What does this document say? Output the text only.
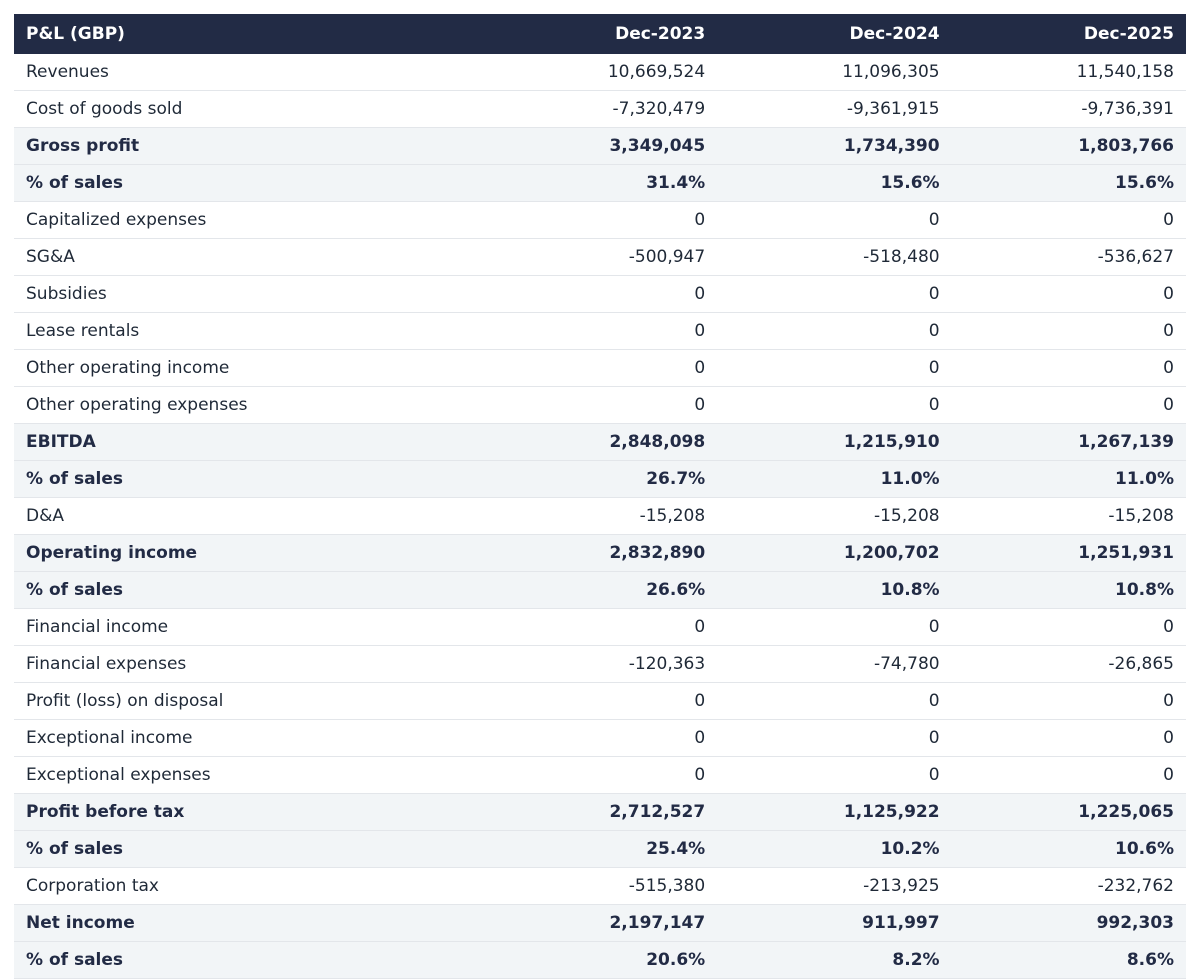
P&L (GBP)	Dec-2023	Dec-2024	Dec-2025
Revenues	10,669,524	11,096,305	11,540,158
Cost of goods sold	-7,320,479	-9,361,915	-9,736,391
Gross profit	3,349,045	1,734,390	1,803,766
% of sales	31.4%	15.6%	15.6%
Capitalized expenses	0	0	0
SG&A	-500,947	-518,480	-536,627
Subsidies	0	0	0
Lease rentals	0	0	0
Other operating income	0	0	0
Other operating expenses	0	0	0
EBITDA	2,848,098	1,215,910	1,267,139
% of sales	26.7%	11.0%	11.0%
D&A	-15,208	-15,208	-15,208
Operating income	2,832,890	1,200,702	1,251,931
% of sales	26.6%	10.8%	10.8%
Financial income	0	0	0
Financial expenses	-120,363	-74,780	-26,865
Profit (loss) on disposal	0	0	0
Exceptional income	0	0	0
Exceptional expenses	0	0	0
Profit before tax	2,712,527	1,125,922	1,225,065
% of sales	25.4%	10.2%	10.6%
Corporation tax	-515,380	-213,925	-232,762
Net income	2,197,147	911,997	992,303
% of sales	20.6%	8.2%	8.6%
